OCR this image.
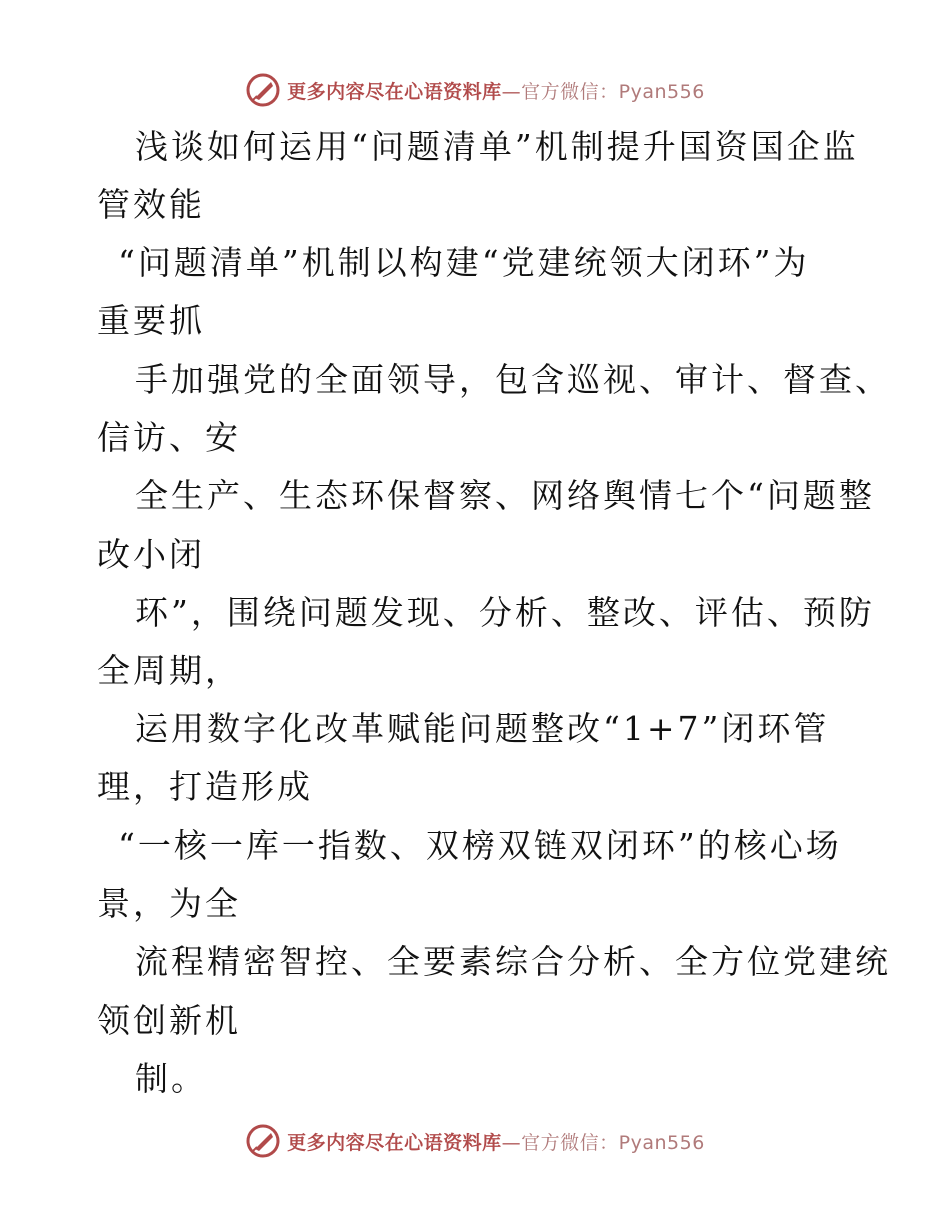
更多内容尽在心语资料库—官方微信：Pyan556
浅谈如何运用“问题清单”机制提升国资国企监
管效能
“问题清单”机制以构建“党建统领大闭环”为
重要抓
手加强党的全面领导，包含巡视、审计、督查、
信访、安
全生产、生态环保督察、网络舆情七个“问题整
改小闭
环”，围绕问题发现、分析、整改、评估、预防
全周期，
运用数字化改革赋能问题整改“1+7”闭环管
理，打造形成
“一核一库一指数、双榜双链双闭环”的核心场
景，为全
流程精密智控、全要素综合分析、全方位党建统
领创新机
制。
更多内容尽在心语资料库—官方微信：Pyan556
